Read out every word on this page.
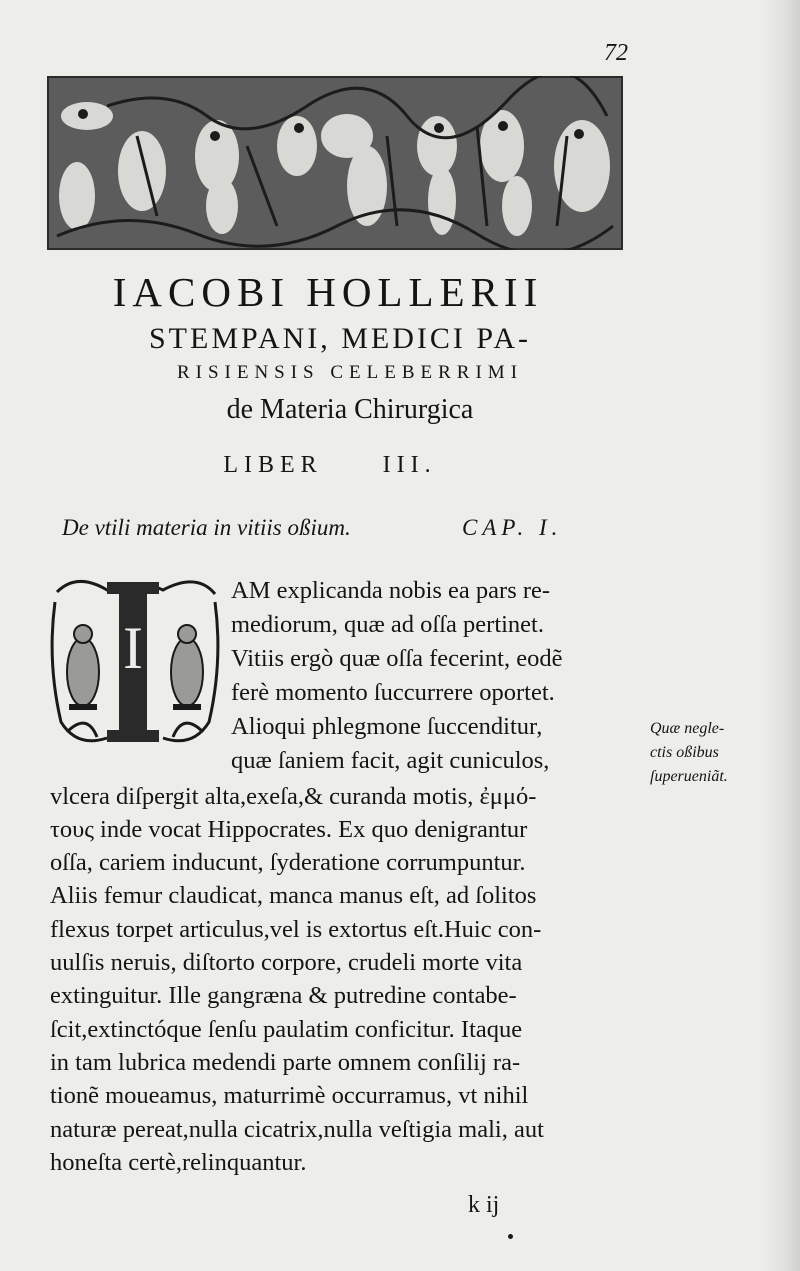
72
IACOBI HOLLERII
STEMPANI, MEDICI PA-
RISIENSIS CELEBERRIMI
de Materia Chirurgica
LIBER     III.
De vtili materia in vitiis oßium.	CAP. I.
I
AM explicanda nobis ea pars re-
mediorum, quæ ad oſſa pertinet.
Vitiis ergò quæ oſſa fecerint, eodẽ
ferè momento ſuccurrere oportet.
Alioqui phlegmone ſuccenditur,
quæ ſaniem facit, agit cuniculos,
vlcera diſpergit alta,exeſa,& curanda motis, ἐμμό-
τους inde vocat Hippocrates. Ex quo denigrantur
oſſa, cariem inducunt, ſyderatione corrumpuntur.
Aliis femur claudicat, manca manus eſt, ad ſolitos
flexus torpet articulus,vel is extortus eſt.Huic con-
uulſis neruis, diſtorto corpore, crudeli morte vita
extinguitur. Ille gangræna & putredine contabe-
ſcit,extinctóque ſenſu paulatim conficitur. Itaque
in tam lubrica medendi parte omnem conſilij ra-
tionẽ moueamus, maturrimè occurramus, vt nihil
naturæ pereat,nulla cicatrix,nulla veſtigia mali, aut
honeſta certè,relinquantur.
Quæ negle-
ctis oßibus
ſuperueniãt.
k ij
